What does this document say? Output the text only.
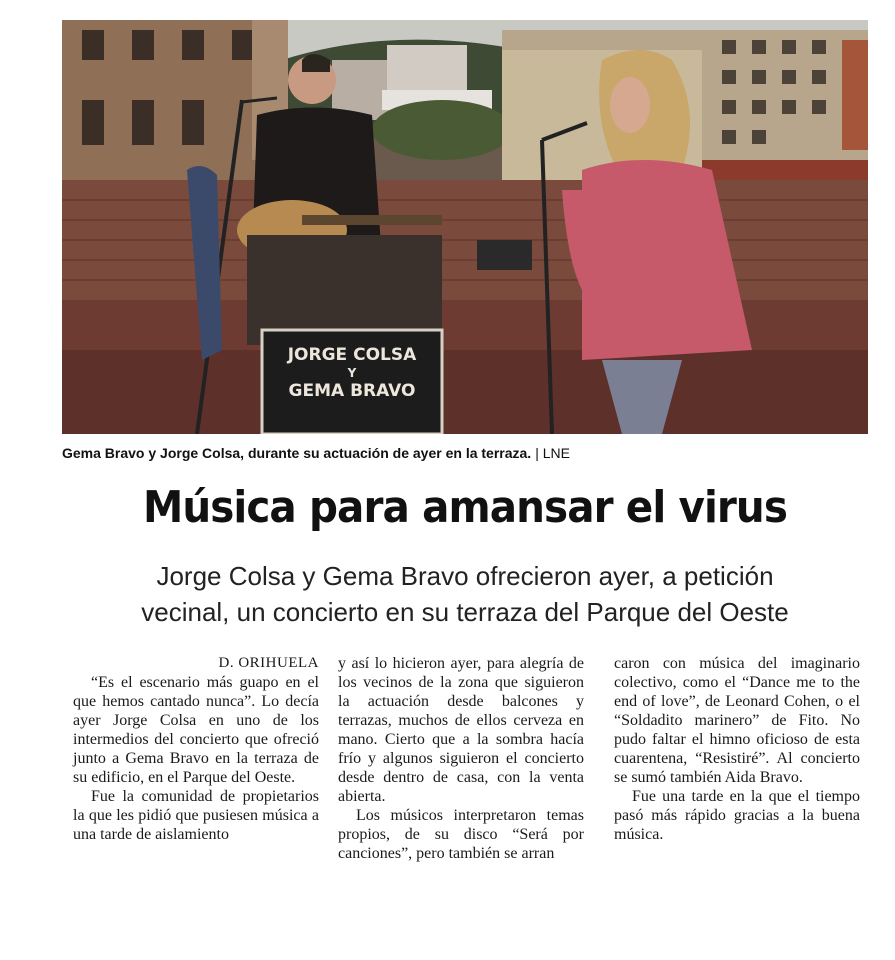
JORGE COLSA
Y
GEMA BRAVO
Gema Bravo y Jorge Colsa, durante su actuación de ayer en la terraza. | LNE
Música para amansar el virus
Jorge Colsa y Gema Bravo ofrecieron ayer, a petición
vecinal, un concierto en su terraza del Parque del Oeste

D. ORIHUELA

“Es el escenario más guapo en el que hemos cantado nunca”. Lo decía ayer Jorge Colsa en uno de los intermedios del concierto que ofreció junto a Gema Bravo en la terraza de su edificio, en el Parque del Oeste.

Fue la comunidad de propietarios la que les pidió que pusiesen música a una tarde de aislamiento

y así lo hicieron ayer, para alegría de los vecinos de la zona que siguieron la actuación desde balcones y terrazas, muchos de ellos cerveza en mano. Cierto que a la sombra hacía frío y algunos siguieron el concierto desde dentro de casa, con la venta abierta.

Los músicos interpretaron temas propios, de su disco “Será por canciones”, pero también se arran

caron con música del imaginario colectivo, como el “Dance me to the end of love”, de Leonard Cohen, o el “Soldadito marinero” de Fito. No pudo faltar el himno oficioso de esta cuarentena, “Resistiré”. Al concierto se sumó también Aida Bravo.

Fue una tarde en la que el tiempo pasó más rápido gracias a la buena música.
